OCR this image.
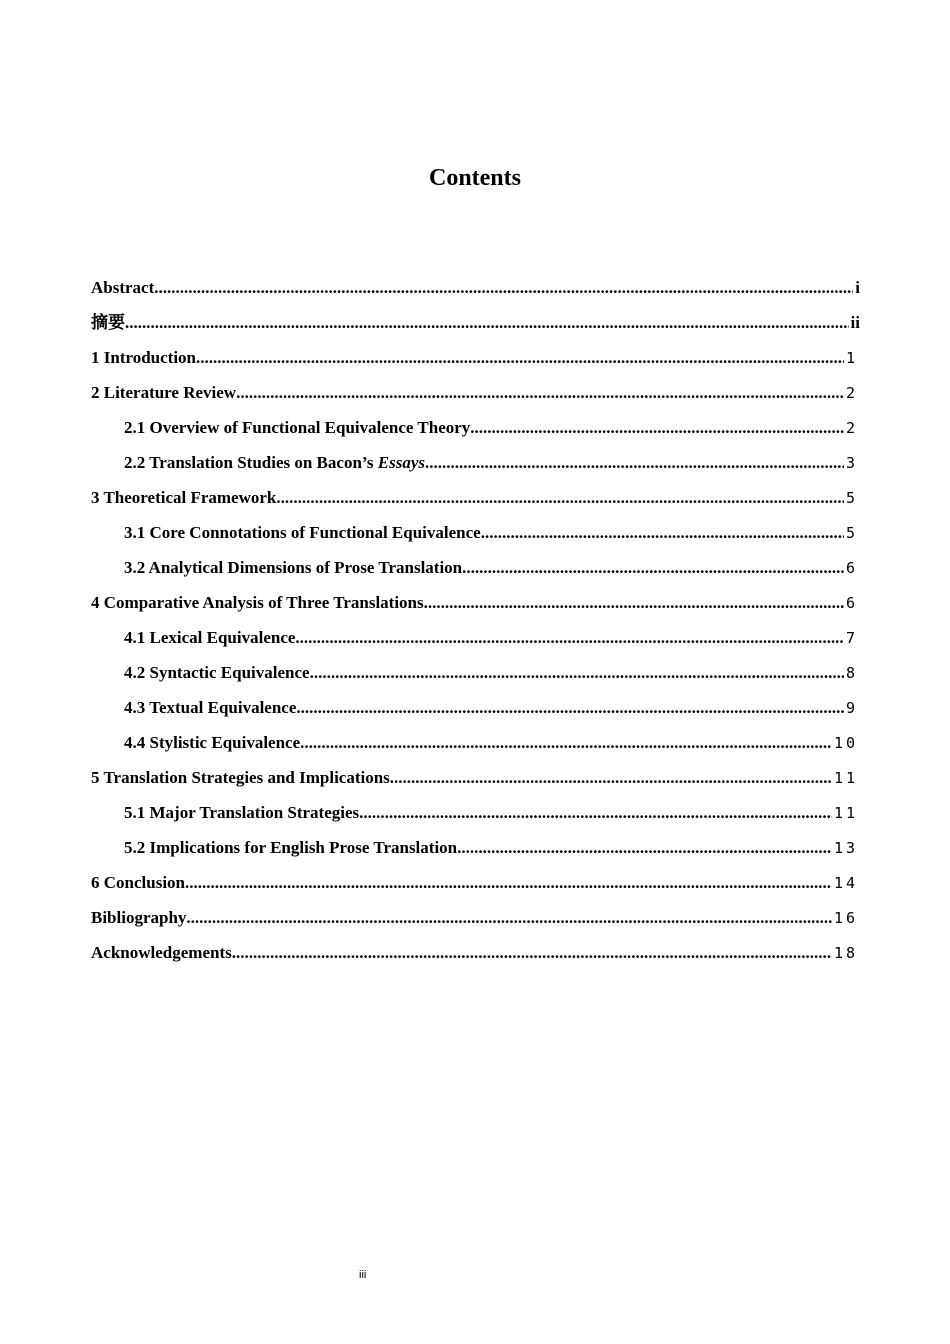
Contents
Abstract .....	i
摘要 .....	ii
1 Introduction .....	1
2 Literature Review .....	2
2.1 Overview of Functional Equivalence Theory .....	2
2.2 Translation Studies on Bacon’s Essays .....	3
3 Theoretical Framework .....	5
3.1 Core Connotations of Functional Equivalence .....	5
3.2 Analytical Dimensions of Prose Translation .....	6
4 Comparative Analysis of Three Translations .....	6
4.1 Lexical Equivalence .....	7
4.2 Syntactic Equivalence .....	8
4.3 Textual Equivalence .....	9
4.4 Stylistic Equivalence .....	10
5 Translation Strategies and Implications .....	11
5.1 Major Translation Strategies .....	11
5.2 Implications for English Prose Translation .....	13
6 Conclusion .....	14
Bibliography .....	16
Acknowledgements .....	18
iii
